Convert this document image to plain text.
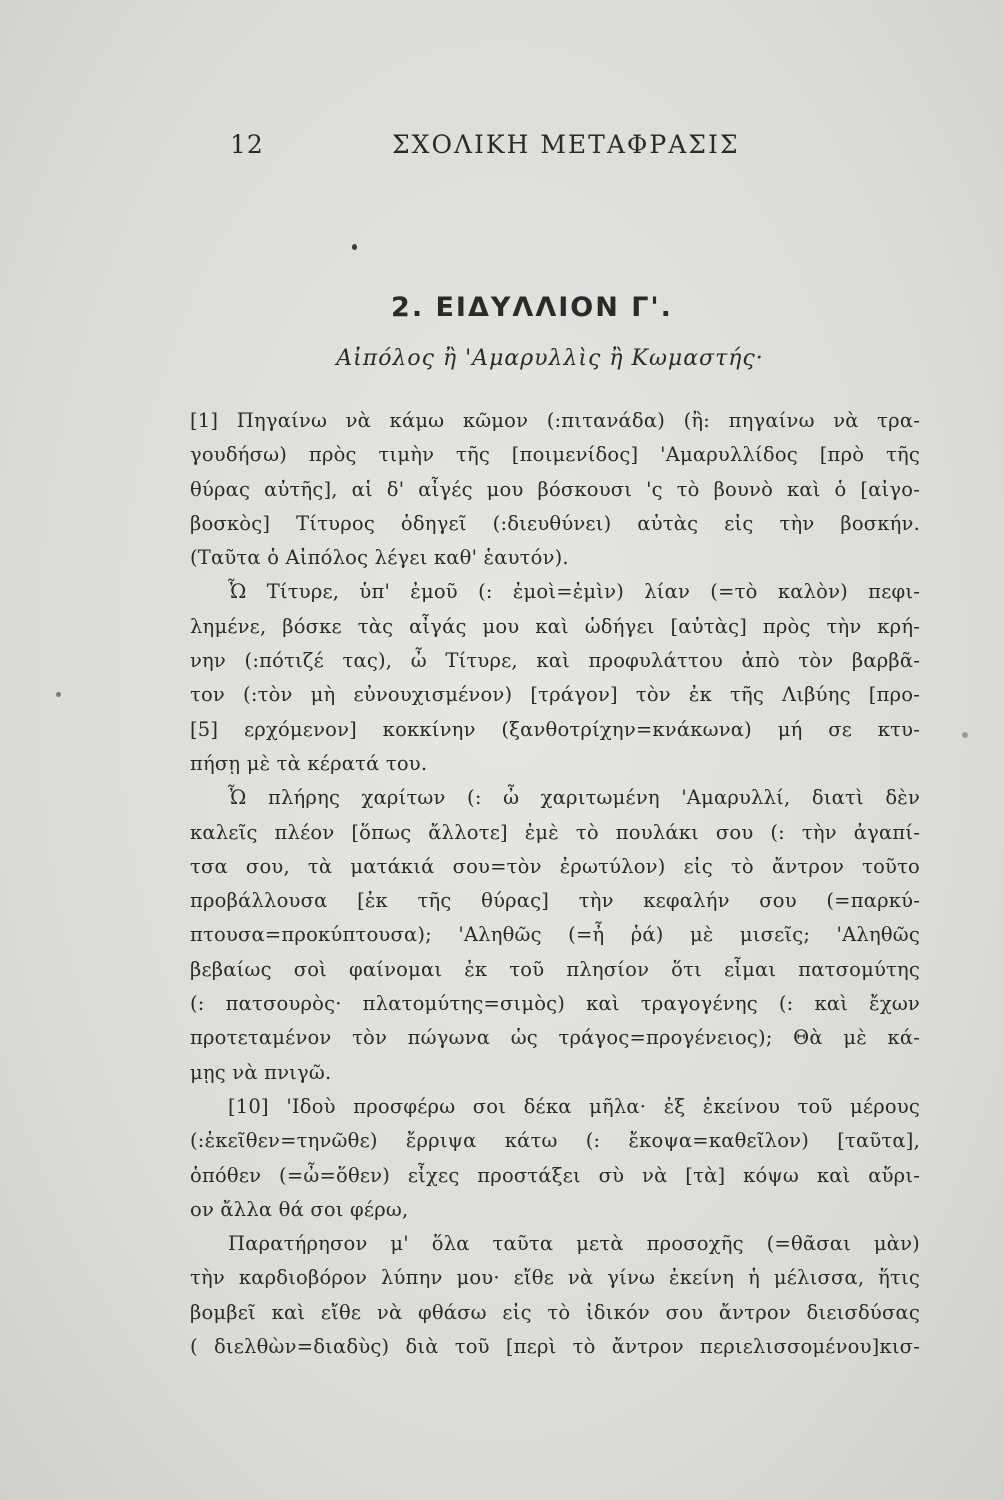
12	ΣΧΟΛΙΚΗ ΜΕΤΑΦΡΑΣΙΣ
2. ΕΙΔΥΛΛΙΟΝ Γ'.
Αἰπόλος ἢ 'Αμαρυλλὶς ἢ Κωμαστής·
[1] Πηγαίνω νὰ κάμω κῶμον (:πιτανάδα) (ἢ: πηγαίνω νὰ τρα-
γουδήσω) πρὸς τιμὴν τῆς [ποιμενίδος] 'Αμαρυλλίδος [πρὸ τῆς
θύρας αὐτῆς], αἱ δ' αἶγές μου βόσκουσι 'ς τὸ βουνὸ καὶ ὁ [αἰγο-
βοσκὸς] Τίτυρος ὁδηγεῖ (:διευθύνει) αὐτὰς εἰς τὴν βοσκήν.
(Ταῦτα ὁ Αἰπόλος λέγει καθ' ἑαυτόν).
Ὦ Τίτυρε, ὑπ' ἐμοῦ (: ἐμοὶ=ἐμὶν) λίαν (=τὸ καλὸν) πεφι-
λημένε, βόσκε τὰς αἶγάς μου καὶ ὡδήγει [αὐτὰς] πρὸς τὴν κρή-
νην (:πότιζέ τας), ὦ Τίτυρε, καὶ προφυλάττου ἀπὸ τὸν βαρβᾶ-
τον (:τὸν μὴ εὐνουχισμένον) [τράγον] τὸν ἐκ τῆς Λιβύης [προ-
[5] ερχόμενον] κοκκίνην (ξανθοτρίχην=κνάκωνα) μή σε κτυ-
πήσῃ μὲ τὰ κέρατά του.
Ὦ πλήρης χαρίτων (: ὦ χαριτωμένη 'Αμαρυλλί, διατὶ δὲν
καλεῖς πλέον [ὅπως ἄλλοτε] ἐμὲ τὸ πουλάκι σου (: τὴν ἀγαπί-
τσα σου, τὰ ματάκιά σου=τὸν ἐρωτύλον) εἰς τὸ ἄντρον τοῦτο
προβάλλουσα [ἐκ τῆς θύρας] τὴν κεφαλήν σου (=παρκύ-
πτουσα=προκύπτουσα); 'Αληθῶς (=ἦ ῥά) μὲ μισεῖς; 'Αληθῶς
βεβαίως σοὶ φαίνομαι ἐκ τοῦ πλησίον ὅτι εἶμαι πατσομύτης
(: πατσουρὸς· πλατομύτης=σιμὸς) καὶ τραγογένης (: καὶ ἔχων
προτεταμένον τὸν πώγωνα ὡς τράγος=προγένειος); Θὰ μὲ κά-
μῃς νὰ πνιγῶ.
[10] 'Ιδοὺ προσφέρω σοι δέκα μῆλα· ἐξ ἐκείνου τοῦ μέρους
(:ἐκεῖθεν=τηνῶθε) ἔρριψα κάτω (: ἔκοψα=καθεῖλον) [ταῦτα],
ὁπόθεν (=ὦ=ὅθεν) εἶχες προστάξει σὺ νὰ [τὰ] κόψω καὶ αὔρι-
ον ἄλλα θά σοι φέρω,
Παρατήρησον μ' ὅλα ταῦτα μετὰ προσοχῆς (=θᾶσαι μὰν)
τὴν καρδιοβόρον λύπην μου· εἴθε νὰ γίνω ἐκείνη ἡ μέλισσα, ἥτις
βομβεῖ καὶ εἴθε νὰ φθάσω εἰς τὸ ἰδικόν σου ἄντρον διεισδύσας
( διελθὼν=διαδὺς) διὰ τοῦ [περὶ τὸ ἄντρον περιελισσομένου]κισ-
